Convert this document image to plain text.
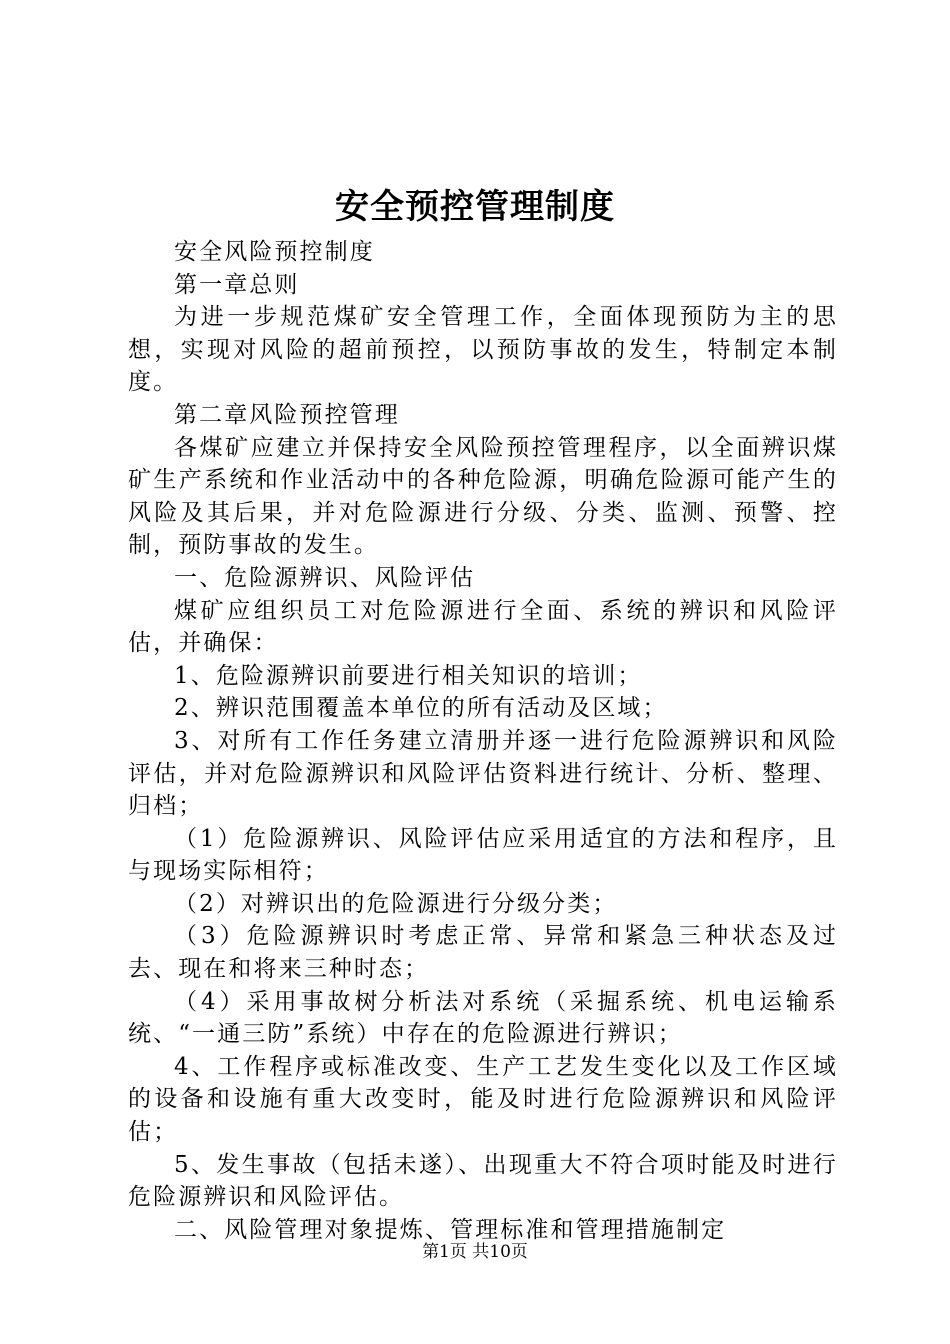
安全预控管理制度

安全风险预控制度

第一章总则

为进一步规范煤矿安全管理工作，全面体现预防为主的思想，实现对风险的超前预控，以预防事故的发生，特制定本制度。

第二章风险预控管理

各煤矿应建立并保持安全风险预控管理程序，以全面辨识煤矿生产系统和作业活动中的各种危险源，明确危险源可能产生的风险及其后果，并对危险源进行分级、分类、监测、预警、控制，预防事故的发生。

一、危险源辨识、风险评估

煤矿应组织员工对危险源进行全面、系统的辨识和风险评估，并确保：

1、危险源辨识前要进行相关知识的培训；

2、辨识范围覆盖本单位的所有活动及区域；

3、对所有工作任务建立清册并逐一进行危险源辨识和风险评估，并对危险源辨识和风险评估资料进行统计、分析、整理、归档；

（1）危险源辨识、风险评估应采用适宜的方法和程序，且与现场实际相符；

（2）对辨识出的危险源进行分级分类；

（3）危险源辨识时考虑正常、异常和紧急三种状态及过去、现在和将来三种时态；

（4）采用事故树分析法对系统（采掘系统、机电运输系统、“一通三防”系统）中存在的危险源进行辨识；

4、工作程序或标准改变、生产工艺发生变化以及工作区域的设备和设施有重大改变时，能及时进行危险源辨识和风险评估；

5、发生事故（包括未遂）、出现重大不符合项时能及时进行危险源辨识和风险评估。

二、风险管理对象提炼、管理标准和管理措施制定

第1页 共10页
